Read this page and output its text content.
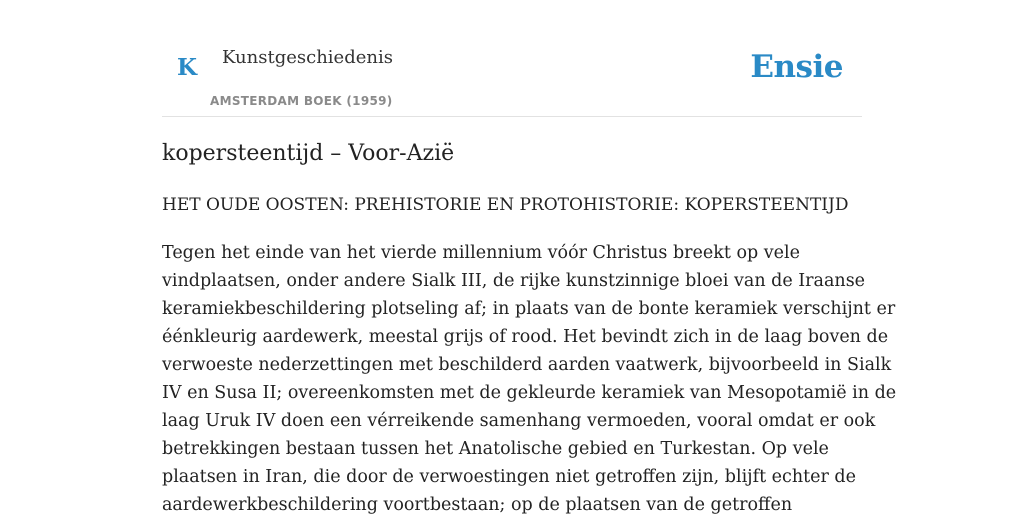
K Kunstgeschiedenis
AMSTERDAM BOEK (1959)
Ensie
kopersteentijd – Voor-Azië
HET OUDE OOSTEN: PREHISTORIE EN PROTOHISTORIE: KOPERSTEENTIJD

Tegen het einde van het vierde millennium vóór Christus breekt op vele
vindplaatsen, onder andere Sialk III, de rijke kunstzinnige bloei van de Iraanse
keramiekbeschildering plotseling af; in plaats van de bonte keramiek verschijnt er
éénkleurig aardewerk, meestal grijs of rood. Het bevindt zich in de laag boven de
verwoeste nederzettingen met beschilderd aarden vaatwerk, bijvoorbeeld in Sialk
IV en Susa II; overeenkomsten met de gekleurde keramiek van Mesopotamië in de
laag Uruk IV doen een vérreikende samenhang vermoeden, vooral omdat er ook
betrekkingen bestaan tussen het Anatolische gebied en Turkestan. Op vele
plaatsen in Iran, die door de verwoestingen niet getroffen zijn, blijft echter de
aardewerkbeschildering voortbestaan; op de plaatsen van de getroffen
